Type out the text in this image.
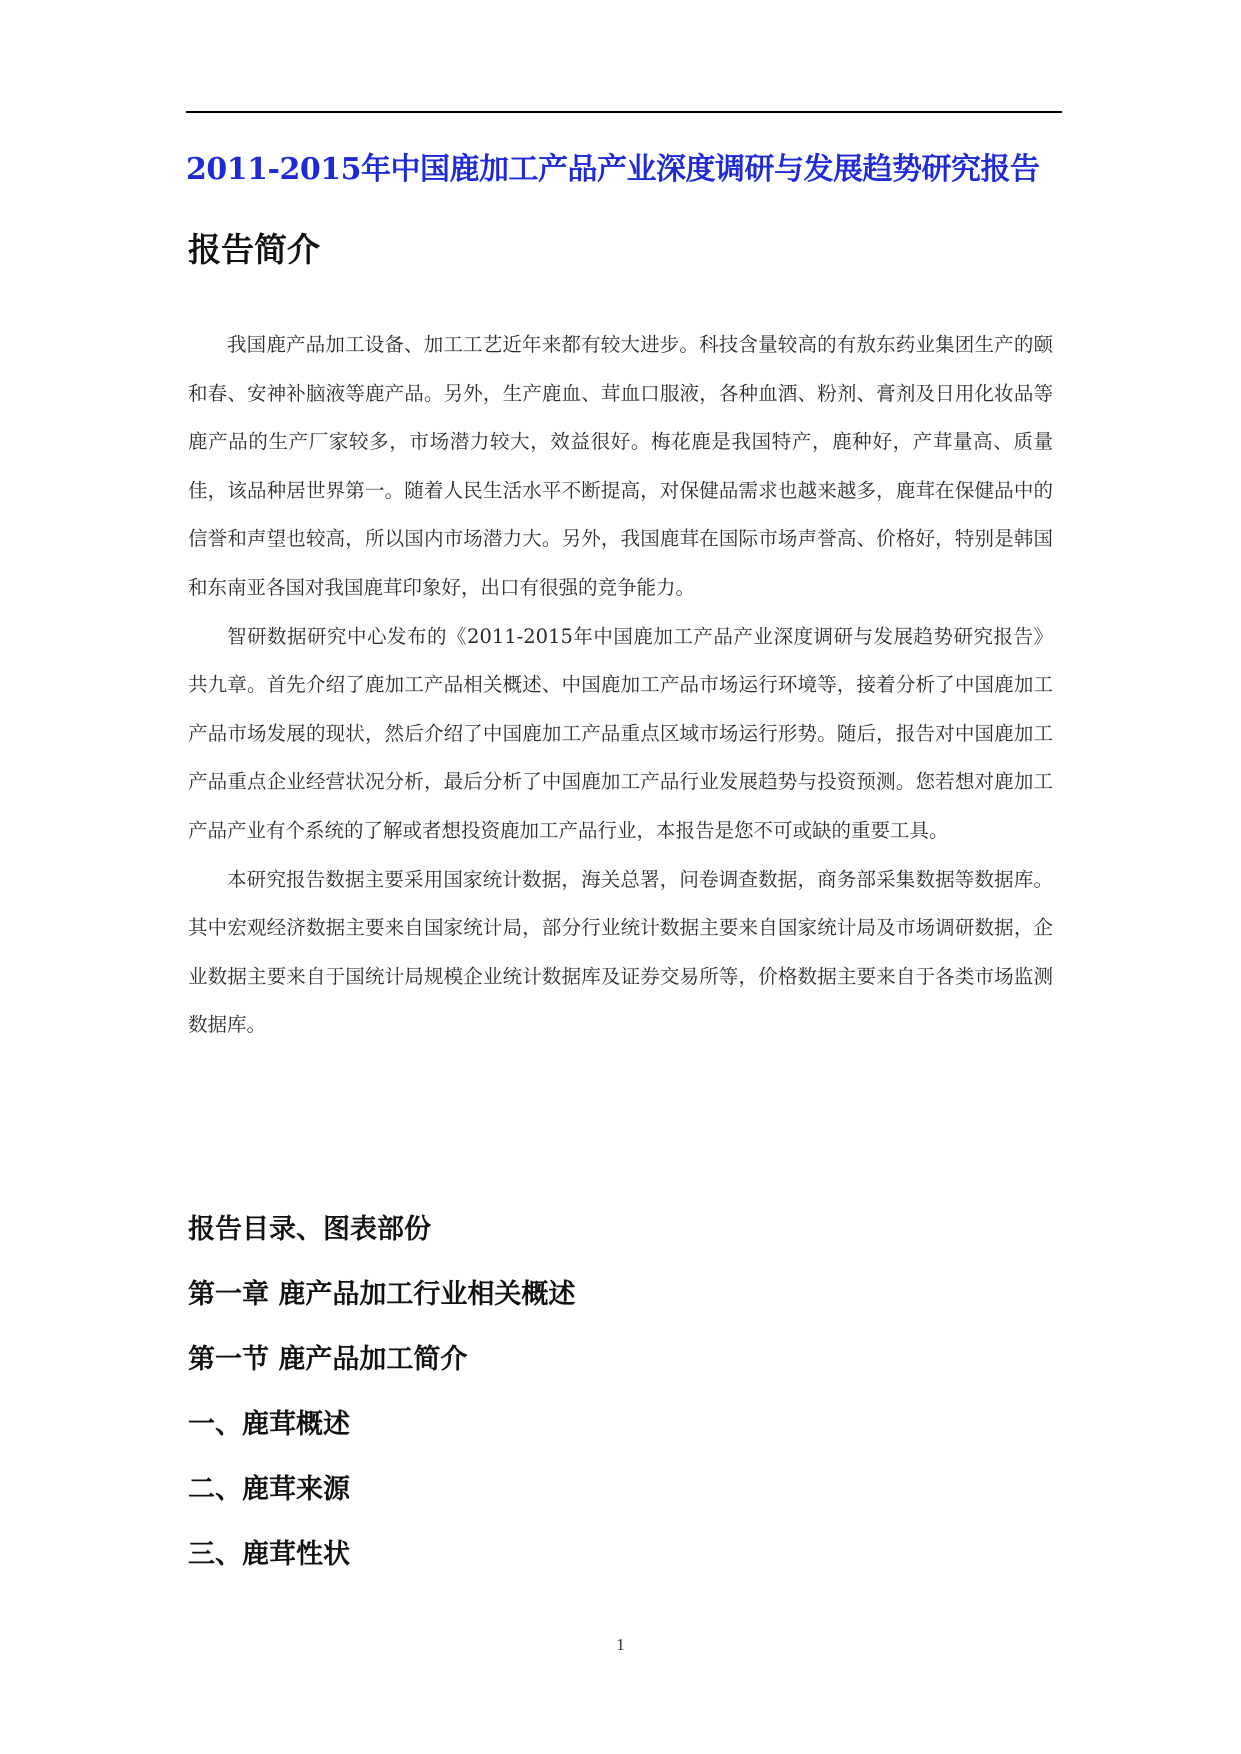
2011-2015年中国鹿加工产品产业深度调研与发展趋势研究报告
报告简介

我国鹿产品加工设备、加工工艺近年来都有较大进步。科技含量较高的有敖东药业集团生产的颐和春、安神补脑液等鹿产品。另外，生产鹿血、茸血口服液，各种血酒、粉剂、膏剂及日用化妆品等鹿产品的生产厂家较多，市场潜力较大，效益很好。梅花鹿是我国特产，鹿种好，产茸量高、质量佳，该品种居世界第一。随着人民生活水平不断提高，对保健品需求也越来越多，鹿茸在保健品中的信誉和声望也较高，所以国内市场潜力大。另外，我国鹿茸在国际市场声誉高、价格好，特别是韩国和东南亚各国对我国鹿茸印象好，出口有很强的竞争能力。

智研数据研究中心发布的《2011-2015年中国鹿加工产品产业深度调研与发展趋势研究报告》共九章。首先介绍了鹿加工产品相关概述、中国鹿加工产品市场运行环境等，接着分析了中国鹿加工产品市场发展的现状，然后介绍了中国鹿加工产品重点区域市场运行形势。随后，报告对中国鹿加工产品重点企业经营状况分析，最后分析了中国鹿加工产品行业发展趋势与投资预测。您若想对鹿加工产品产业有个系统的了解或者想投资鹿加工产品行业，本报告是您不可或缺的重要工具。

本研究报告数据主要采用国家统计数据，海关总署，问卷调查数据，商务部采集数据等数据库。其中宏观经济数据主要来自国家统计局，部分行业统计数据主要来自国家统计局及市场调研数据，企业数据主要来自于国统计局规模企业统计数据库及证券交易所等，价格数据主要来自于各类市场监测数据库。

报告目录、图表部份
第一章 鹿产品加工行业相关概述
第一节 鹿产品加工简介
一、鹿茸概述
二、鹿茸来源
三、鹿茸性状
1
